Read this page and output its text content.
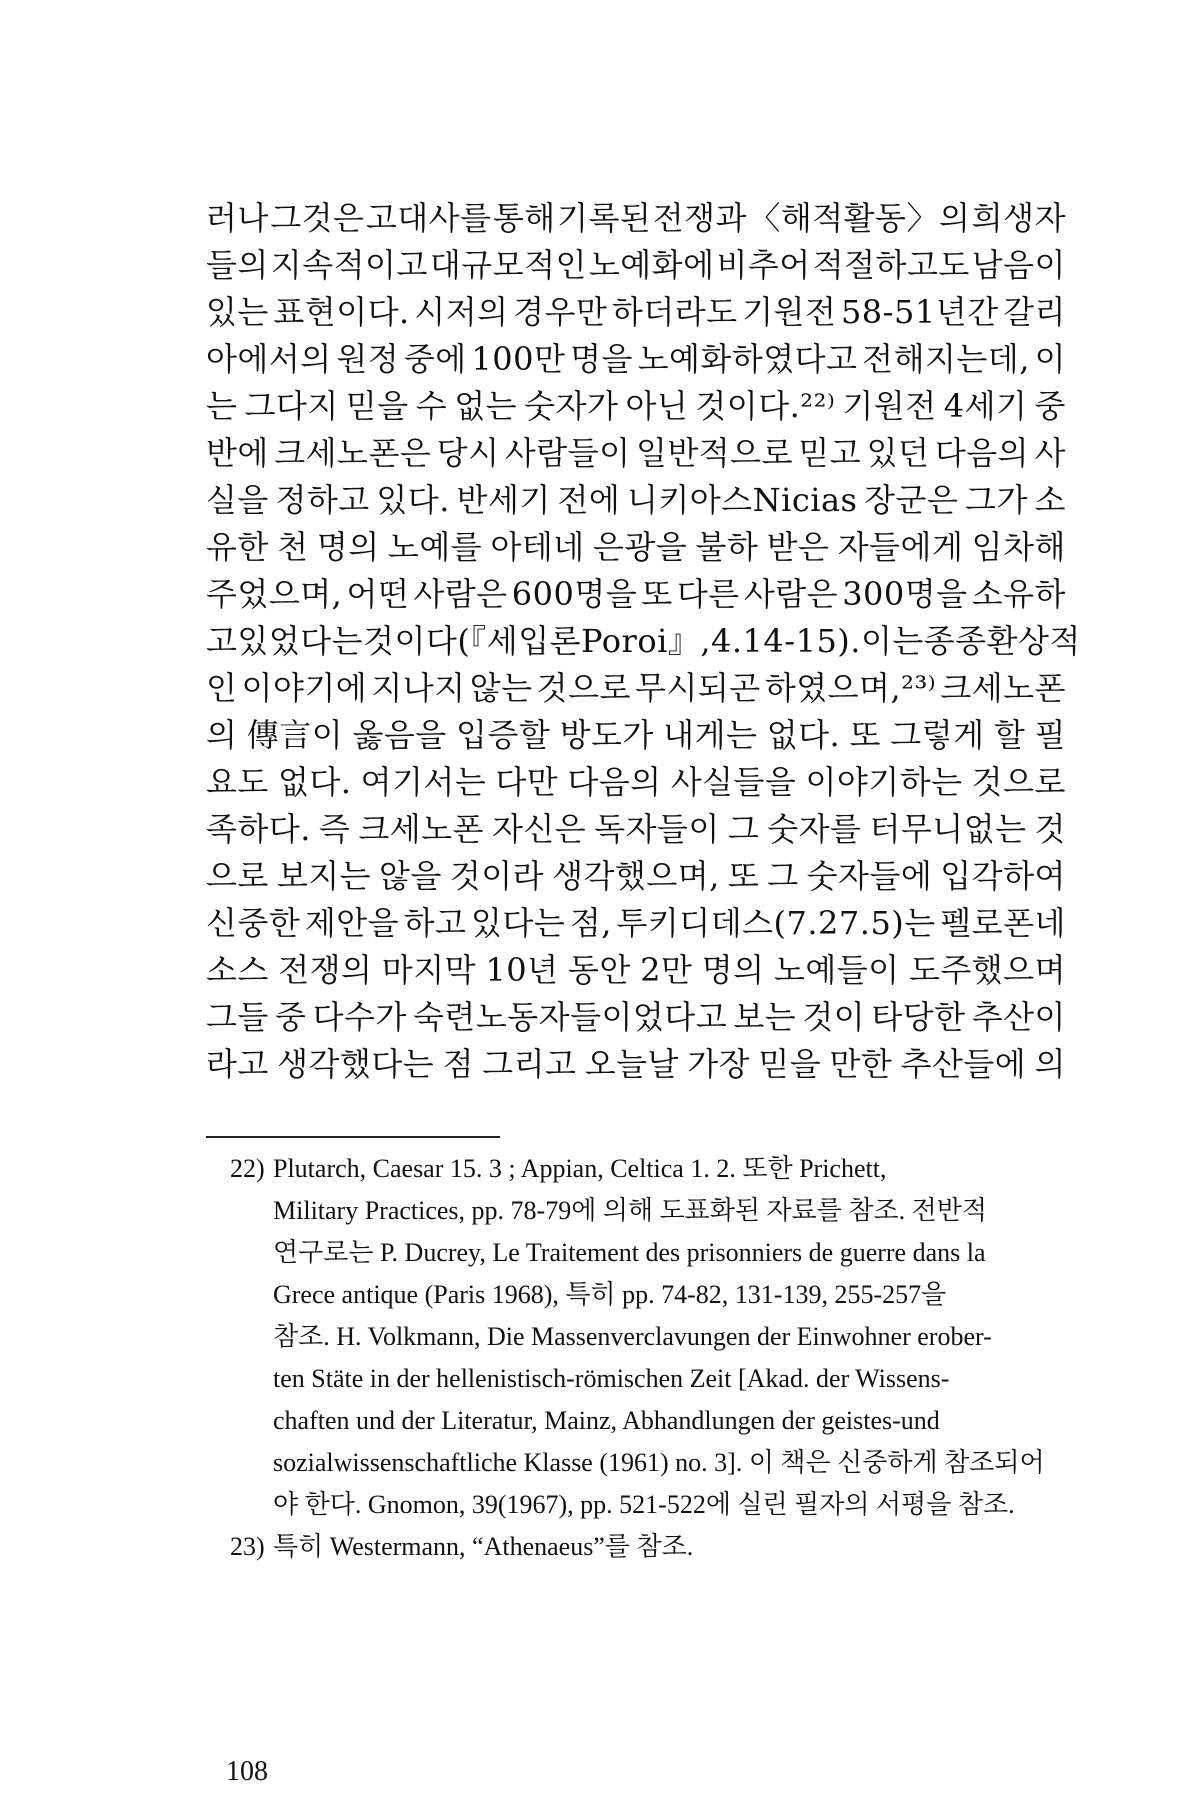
러나 그것은 고대사를 통해 기록된 전쟁과 〈해적활동〉의 희생자
들의 지속적이고 대규모적인 노예화에 비추어 적절하고도 남음이
있는 표현이다. 시저의 경우만 하더라도 기원전 58-51년간 갈리
아에서의 원정 중에 100만 명을 노예화하였다고 전해지는데, 이
는 그다지 믿을 수 없는 숫자가 아닌 것이다.²²⁾ 기원전 4세기 중
반에 크세노폰은 당시 사람들이 일반적으로 믿고 있던 다음의 사
실을 정하고 있다. 반세기 전에 니키아스Nicias 장군은 그가 소
유한 천 명의 노예를 아테네 은광을 불하 받은 자들에게 임차해
주었으며, 어떤 사람은 600명을 또 다른 사람은 300명을 소유하
고 있었다는 것이다(『세입론Poroi』, 4. 14-15). 이는 종종 환상적
인 이야기에 지나지 않는 것으로 무시되곤 하였으며,²³⁾ 크세노폰
의 傳言이 옳음을 입증할 방도가 내게는 없다. 또 그렇게 할 필
요도 없다. 여기서는 다만 다음의 사실들을 이야기하는 것으로
족하다. 즉 크세노폰 자신은 독자들이 그 숫자를 터무니없는 것
으로 보지는 않을 것이라 생각했으며, 또 그 숫자들에 입각하여
신중한 제안을 하고 있다는 점, 투키디데스(7.27.5)는 펠로폰네
소스 전쟁의 마지막 10년 동안 2만 명의 노예들이 도주했으며
그들 중 다수가 숙련노동자들이었다고 보는 것이 타당한 추산이
라고 생각했다는 점 그리고 오늘날 가장 믿을 만한 추산들에 의
22) Plutarch, Caesar 15. 3 ; Appian, Celtica 1. 2. 또한 Prichett,
Military Practices, pp. 78-79에 의해 도표화된 자료를 참조. 전반적
연구로는 P. Ducrey, Le Traitement des prisonniers de guerre dans la
Grece antique (Paris 1968), 특히 pp. 74-82, 131-139, 255-257을
참조. H. Volkmann, Die Massenverclavungen der Einwohner erober-
ten Stäte in der hellenistisch-römischen Zeit [Akad. der Wissens-
chaften und der Literatur, Mainz, Abhandlungen der geistes-und
sozialwissenschaftliche Klasse (1961) no. 3]. 이 책은 신중하게 참조되어
야 한다. Gnomon, 39(1967), pp. 521-522에 실린 필자의 서평을 참조.
23) 특히 Westermann, “Athenaeus”를 참조.
108
